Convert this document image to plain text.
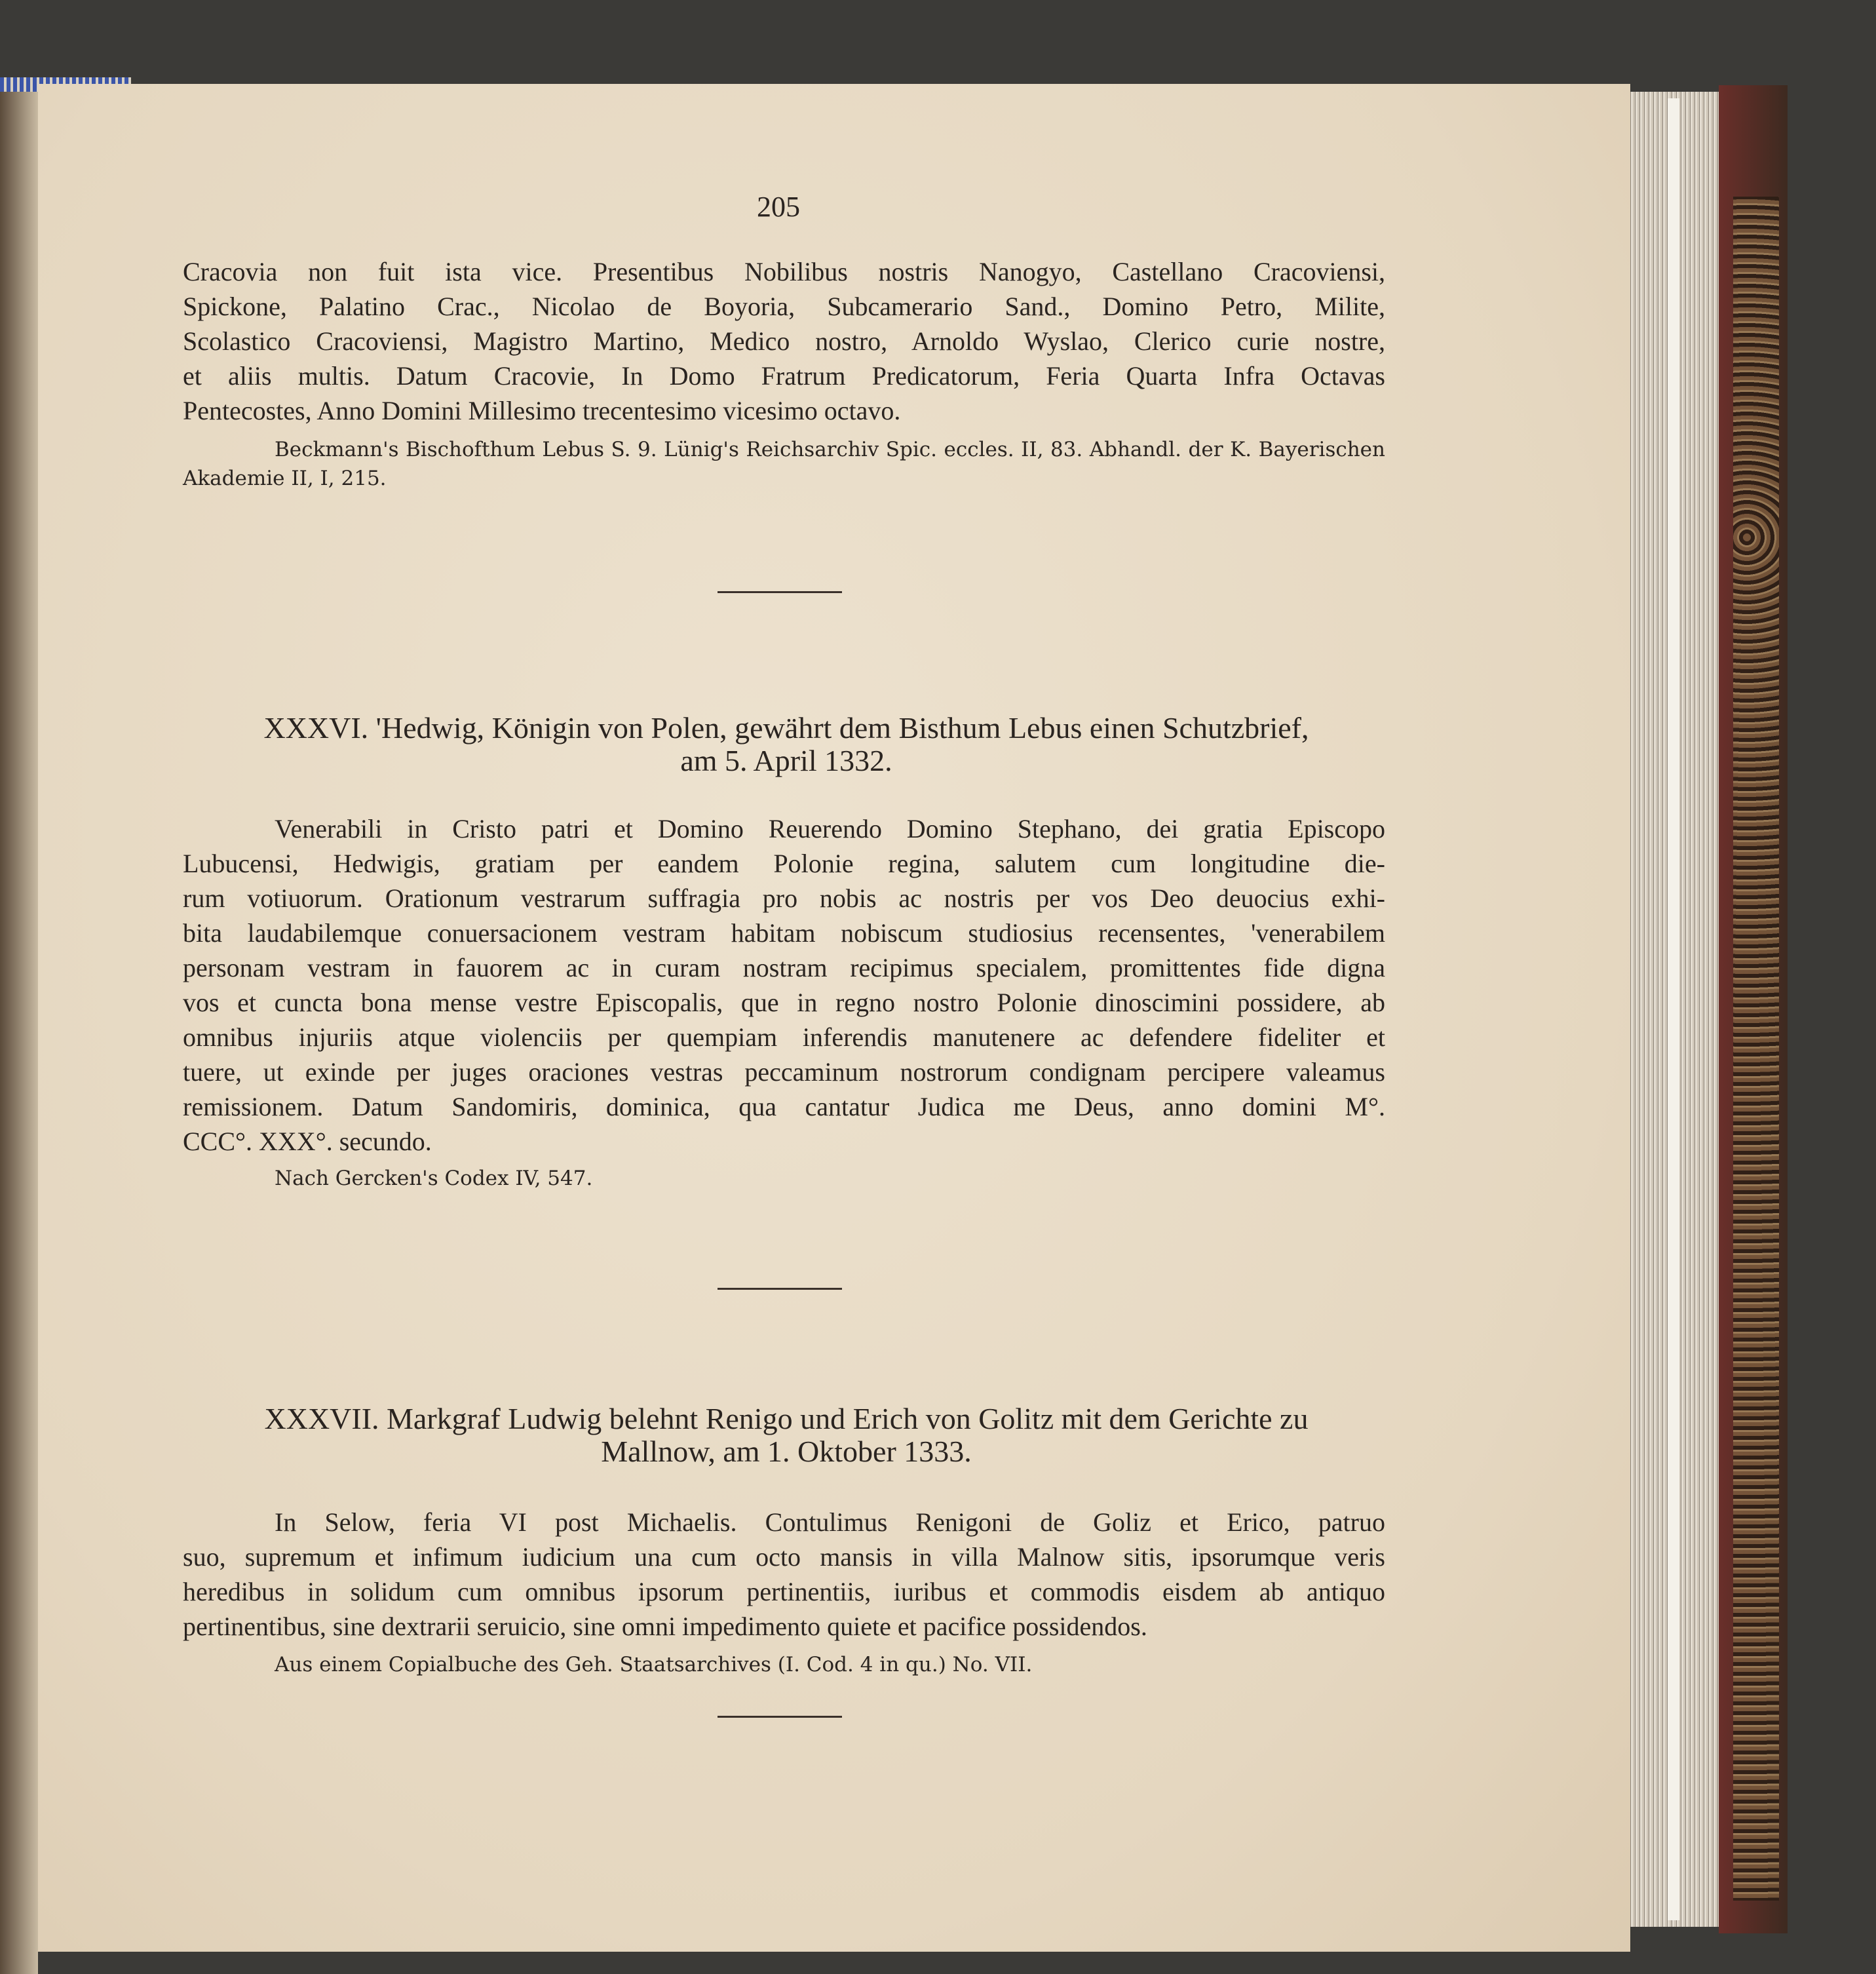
205
Cracovia non fuit ista vice. Presentibus Nobilibus nostris Nanogyo, Castellano Cracoviensi,
Spickone, Palatino Crac., Nicolao de Boyoria, Subcamerario Sand., Domino Petro, Milite,
Scolastico Cracoviensi, Magistro Martino, Medico nostro, Arnoldo Wyslao, Clerico curie nostre,
et aliis multis. Datum Cracovie, In Domo Fratrum Predicatorum, Feria Quarta Infra Octavas
Pentecostes, Anno Domini Millesimo trecentesimo vicesimo octavo.
Beckmann's Bischofthum Lebus S. 9. Lünig's Reichsarchiv Spic. eccles. II, 83. Abhandl. der K. Bayerischen
Akademie II, I, 215.
XXXVI. 'Hedwig, Königin von Polen, gewährt dem Bisthum Lebus einen Schutzbrief,
am 5. April 1332.
Venerabili in Cristo patri et Domino Reuerendo Domino Stephano, dei gratia Episcopo
Lubucensi, Hedwigis, gratiam per eandem Polonie regina, salutem cum longitudine die-
rum votiuorum. Orationum vestrarum suffragia pro nobis ac nostris per vos Deo deuocius exhi-
bita laudabilemque conuersacionem vestram habitam nobiscum studiosius recensentes, 'venerabilem
personam vestram in fauorem ac in curam nostram recipimus specialem, promittentes fide digna
vos et cuncta bona mense vestre Episcopalis, que in regno nostro Polonie dinoscimini possidere, ab
omnibus injuriis atque violenciis per quempiam inferendis manutenere ac defendere fideliter et
tuere, ut exinde per juges oraciones vestras peccaminum nostrorum condignam percipere valeamus
remissionem. Datum Sandomiris, dominica, qua cantatur Judica me Deus, anno domini M°.
CCC°. XXX°. secundo.
Nach Gercken's Codex IV, 547.
XXXVII. Markgraf Ludwig belehnt Renigo und Erich von Golitz mit dem Gerichte zu
Mallnow, am 1. Oktober 1333.
In Selow, feria VI post Michaelis. Contulimus Renigoni de Goliz et Erico, patruo
suo, supremum et infimum iudicium una cum octo mansis in villa Malnow sitis, ipsorumque veris
heredibus in solidum cum omnibus ipsorum pertinentiis, iuribus et commodis eisdem ab antiquo
pertinentibus, sine dextrarii seruicio, sine omni impedimento quiete et pacifice possidendos.
Aus einem Copialbuche des Geh. Staatsarchives (I. Cod. 4 in qu.) No. VII.
